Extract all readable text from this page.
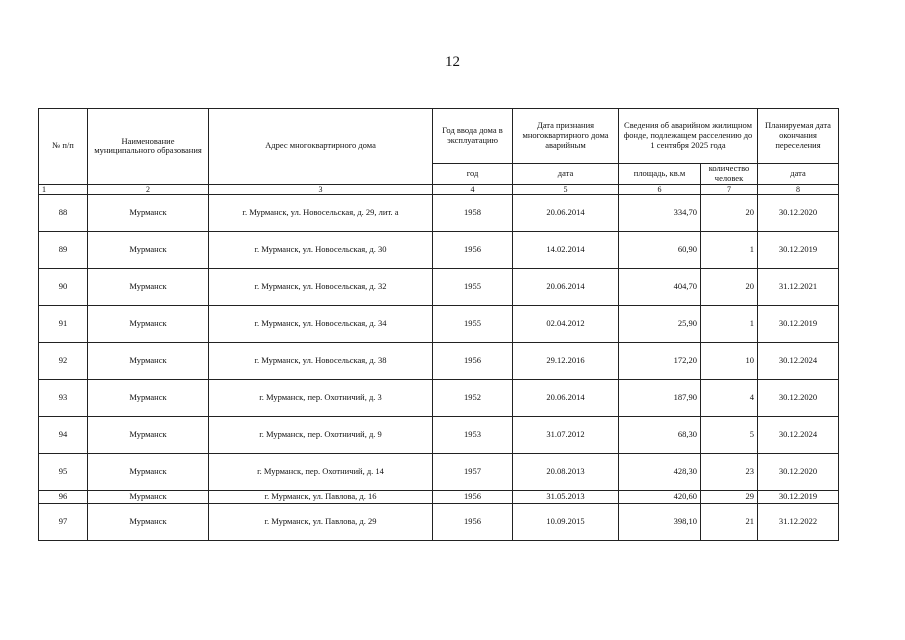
12
№ п/п	Наименование муниципального образования	Адрес многоквартирного дома	Год ввода дома в эксплуатацию	Дата признания многоквартирного дома аварийным	Сведения об аварийном жилищном фонде, подлежащем расселению до 1 сентября 2025 года		Планируемая дата окончания переселения
			год	дата	площадь, кв.м	количество человек	дата
1	2	3	4	5	6	7	8
88	Мурманск	г. Мурманск, ул. Новосельская, д. 29, лит. а	1958	20.06.2014	334,70	20	30.12.2020
89	Мурманск	г. Мурманск, ул. Новосельская, д. 30	1956	14.02.2014	60,90	1	30.12.2019
90	Мурманск	г. Мурманск, ул. Новосельская, д. 32	1955	20.06.2014	404,70	20	31.12.2021
91	Мурманск	г. Мурманск, ул. Новосельская, д. 34	1955	02.04.2012	25,90	1	30.12.2019
92	Мурманск	г. Мурманск, ул. Новосельская, д. 38	1956	29.12.2016	172,20	10	30.12.2024
93	Мурманск	г. Мурманск, пер. Охотничий, д. 3	1952	20.06.2014	187,90	4	30.12.2020
94	Мурманск	г. Мурманск, пер. Охотничий, д. 9	1953	31.07.2012	68,30	5	30.12.2024
95	Мурманск	г. Мурманск, пер. Охотничий, д. 14	1957	20.08.2013	428,30	23	30.12.2020
96	Мурманск	г. Мурманск, ул. Павлова, д. 16	1956	31.05.2013	420,60	29	30.12.2019
97	Мурманск	г. Мурманск, ул. Павлова, д. 29	1956	10.09.2015	398,10	21	31.12.2022
